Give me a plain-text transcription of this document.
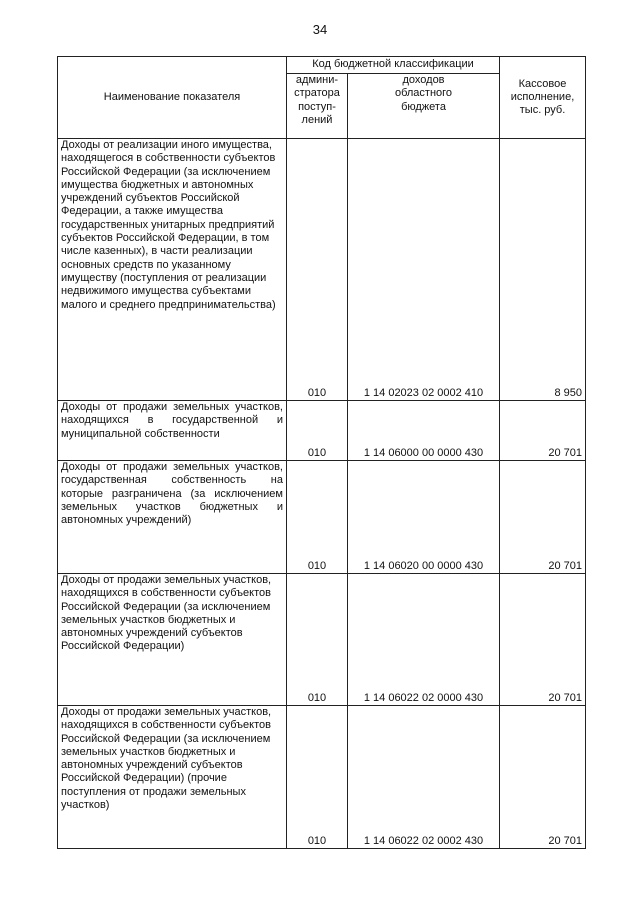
34
Наименование показателя	Код бюджетной классификации		Кассовое
исполнение,
тыс. руб.
	админи-
стратора
поступ-
лений	доходов
областного
бюджета	
Доходы от реализации иного имущества, находящегося в собственности субъектов Российской Федерации (за исключением имущества бюджетных и автономных учреждений субъектов Российской Федерации, а также имущества государственных унитарных предприятий субъектов Российской Федерации, в том числе казенных), в части реализации основных средств по указанному имуществу (поступления от реализации недвижимого имущества субъектами малого и среднего предпринимательства)	010	1 14 02023 02 0002 410	8 950
Доходы от продажи земельных участков, находящихся в государственной и муниципальной собственности	010	1 14 06000 00 0000 430	20 701
Доходы от продажи земельных участков, государственная собственность на которые разграничена (за исключением земельных участков бюджетных и автономных учреждений)	010	1 14 06020 00 0000 430	20 701
Доходы от продажи земельных участков, находящихся в собственности субъектов Российской Федерации (за исключением земельных участков бюджетных и автономных учреждений субъектов Российской Федерации)	010	1 14 06022 02 0000 430	20 701
Доходы от продажи земельных участков, находящихся в собственности субъектов Российской Федерации (за исключением земельных участков бюджетных и автономных учреждений субъектов Российской Федерации) (прочие поступления от продажи земельных участков)	010	1 14 06022 02 0002 430	20 701
